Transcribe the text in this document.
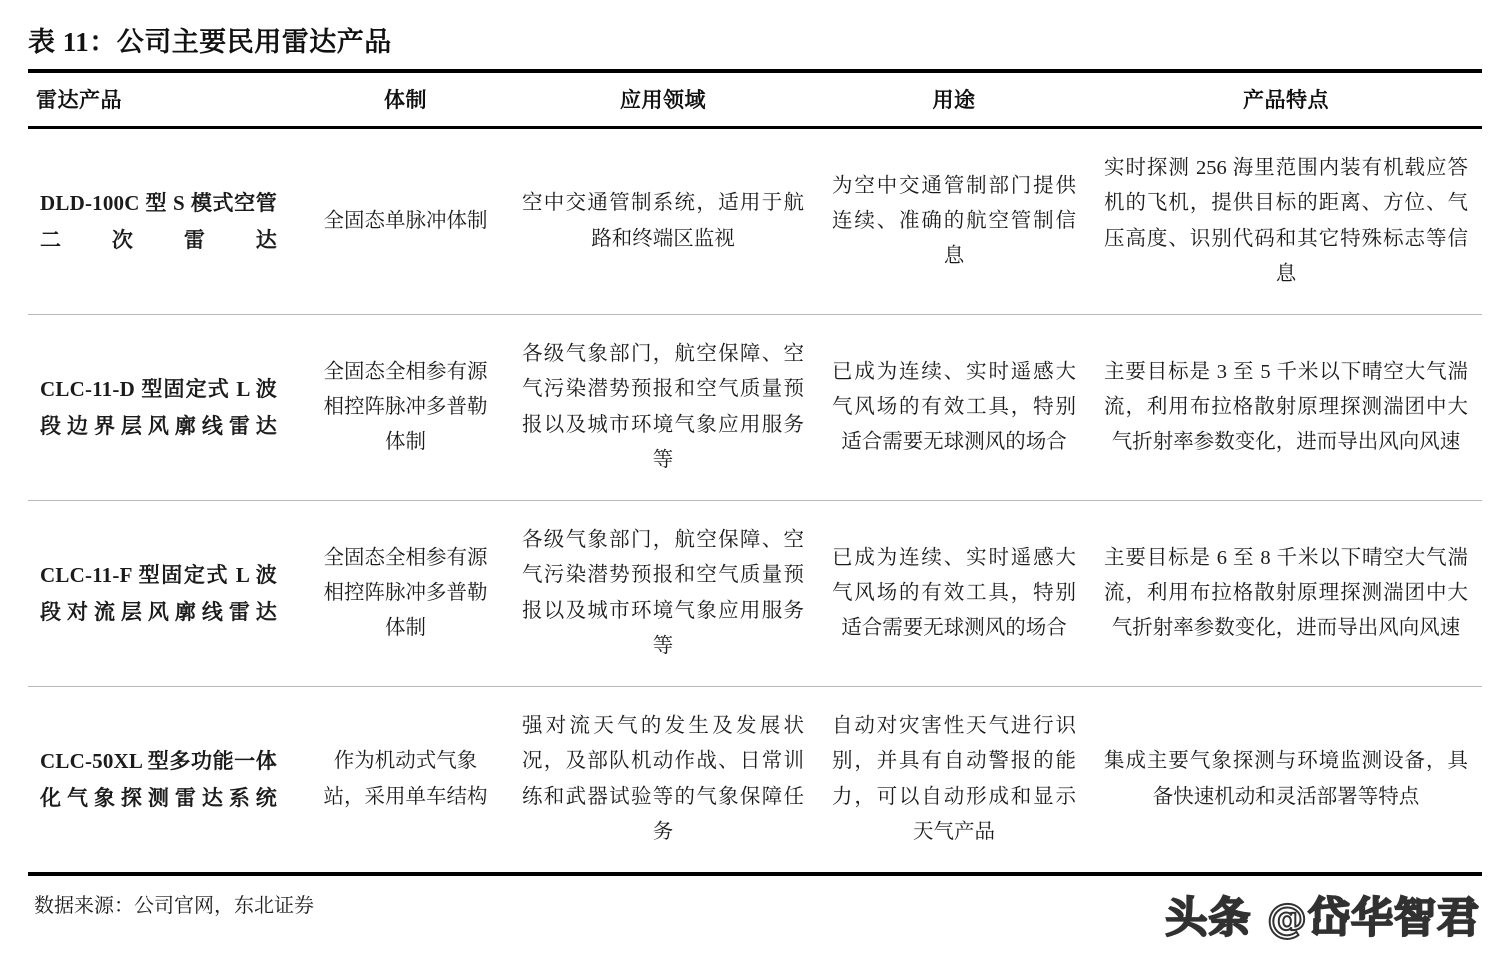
表 11：公司主要民用雷达产品
雷达产品	体制	应用领域	用途	产品特点
DLD-100C 型 S 模式空管二次雷达	全固态单脉冲体制	空中交通管制系统，适用于航路和终端区监视	为空中交通管制部门提供连续、准确的航空管制信息	实时探测 256 海里范围内装有机载应答机的飞机，提供目标的距离、方位、气压高度、识别代码和其它特殊标志等信息

CLC-11-D 型固定式 L 波段边界层风廓线雷达	全固态全相参有源相控阵脉冲多普勒体制	各级气象部门，航空保障、空气污染潜势预报和空气质量预报以及城市环境气象应用服务等	已成为连续、实时遥感大气风场的有效工具，特别适合需要无球测风的场合	主要目标是 3 至 5 千米以下晴空大气湍流，利用布拉格散射原理探测湍团中大气折射率参数变化，进而导出风向风速

CLC-11-F 型固定式 L 波段对流层风廓线雷达	全固态全相参有源相控阵脉冲多普勒体制	各级气象部门，航空保障、空气污染潜势预报和空气质量预报以及城市环境气象应用服务等	已成为连续、实时遥感大气风场的有效工具，特别适合需要无球测风的场合	主要目标是 6 至 8 千米以下晴空大气湍流，利用布拉格散射原理探测湍团中大气折射率参数变化，进而导出风向风速

CLC-50XL 型多功能一体化气象探测雷达系统	作为机动式气象站，采用单车结构	强对流天气的发生及发展状况，及部队机动作战、日常训练和武器试验等的气象保障任务	自动对灾害性天气进行识别，并具有自动警报的能力，可以自动形成和显示天气产品	集成主要气象探测与环境监测设备，具备快速机动和灵活部署等特点
数据来源：公司官网，东北证券	头条 @岱华智君
